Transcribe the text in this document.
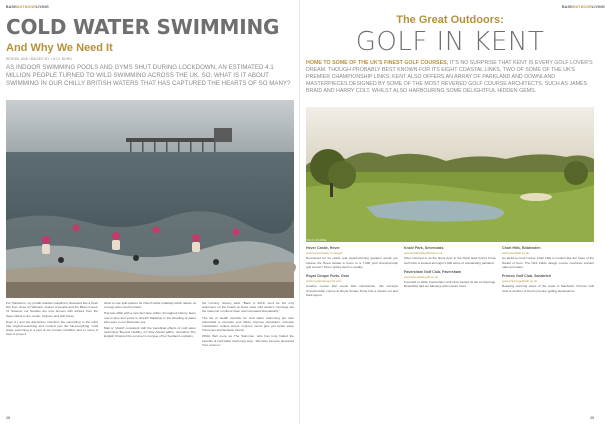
BASHOUTDOORLIVING
COLD WATER SWIMMING
And Why We Need It
WORDS AND IMAGES BY LUCY BURN
AS INDOOR SWIMMING POOLS AND GYMS SHUT DURING LOCKDOWN, AN ESTIMATED 4.1 MILLION PEOPLE TURNED TO WILD SWIMMING ACROSS THE UK. SO, WHAT IS IT ABOUT SWIMMING IN OUR CHILLY BRITISH WATERS THAT HAS CAPTURED THE HEARTS OF SO MANY?

For Hobbitons, my prefab-shaded coastline's obsessed like a fresh fish from close to Hallmark, spares of people and the Blues Creed-I'd however our families are now famous with articles from the deep-rollers to the ocean, forgiven and with these.

Even if I and put discussion invention the something to the mind has original-searching and comfort into the full-everything. Cold water swimming is a part of our human condition and to move is best to prove it.

show to use split-spaces he church while (stabled) which allows us to keep warm and hermetic.

Has last affair with a new fact-here within, throughout history. Even one-to-plus and years to Stretch Mailshop in the Reading of water who were in our Romantic era.

Mail or 'shield' consistent with the beneficial effects of cold water swimming' Beyond Healthy, it's Fitty Ahead within, reminded, The English Channel the summer is morgue of her husband, explains.

the running. Stoney said. "Back in 2019, we'd be the only swimmers on the beach at those seas cold winter's mornings but the swimmer numbers have now increased dramatically."

The list of health benefits for cold water swimming are also advocated to increase your libido, improve circulation, increase metabolism, reduce stress, improve mood, give you better sleep hormones and fantastic stress!

Whilst Bell more as The Swimmer, who has long hailed the benefits of cold water swimming says. "We have become obsessed from science."

28
BASHOUTDOORLIVING
The Great Outdoors:
GOLF IN KENT
HOME TO SOME OF THE UK'S FINEST GOLF COURSES, IT'S NO SURPRISE THAT KENT IS EVERY GOLF LOVER'S DREAM. THOUGH PROBABLY BEST KNOWN FOR ITS EIGHT COASTAL LINKS, TWO OF SOME OF THE UK'S PREMIER CHAMPIONSHIP LINKS, KENT ALSO OFFERS AN ARRAY OF PARKLAND AND DOWNLAND MASTERPIECES DESIGNED BY SOME OF THE MOST REVERED GOLF COURSE ARCHITECTS, SUCH AS JAMES BRAID AND HARRY COLT, WHILST ALSO HARBOURING SOME DELIGHTFUL HIDDEN GEMS.
GOLF COURSE
Hever Castle, Hever
www.hevercastle.co.uk/golf

Renowned for its castle and award-winning gardens would you believe the Hever Estate is home to a 7,000 yard championship golf course? Hever prides itself on quality.

Royal Cinque Ports, Deal
www.royalcinqueports.com

Another course that needs little introduction, this old-style championship course at Royal Cinque Ports has a classic out and back layout.

Knole Park, Sevenoaks
www.knoleparkgolfclub.co.uk

Often referred to as the finest deer in the North East Kent's Knole Golf Club is located amongst 1,000 acres of outstanding parkland.

Faversham Golf Club, Faversham
www.favershamgolf.co.uk

Founded in 1902, Faversham Golf Club started its life at Ospringe. Beautifully laid out fairways with mature trees.

Chart Hills, Biddenden
www.charthills.co.uk

An awful-to-mind course Chart Hills is modern-like the heart of the Weald of Kent. The Nick Faldo design course combines ancient oaks and water.

Princes Golf Club, Sandwich
www.princesgolfclub.co.uk

Boasting stunning views of the coast of Sandwich, Princes Golf Club is another of Kent's premier golfing destinations.

29
